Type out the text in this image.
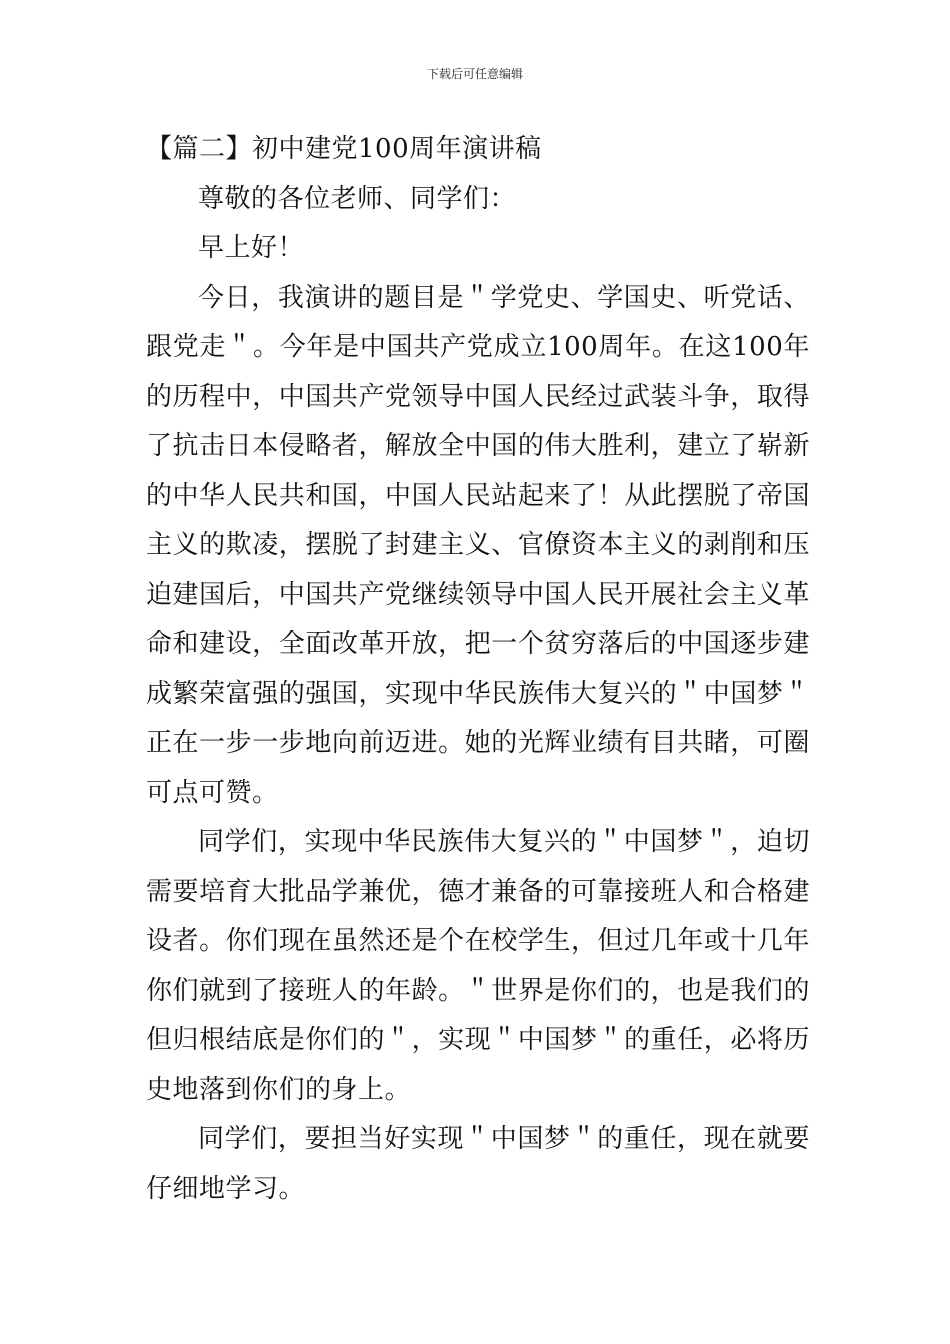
下载后可任意编辑

【篇二】初中建党100周年演讲稿

尊敬的各位老师、同学们：

早上好！

今日，我演讲的题目是＂学党史、学国史、听党话、跟党走＂。今年是中国共产党成立100周年。在这100年的历程中，中国共产党领导中国人民经过武装斗争，取得了抗击日本侵略者，解放全中国的伟大胜利，建立了崭新的中华人民共和国，中国人民站起来了！从此摆脱了帝国主义的欺凌，摆脱了封建主义、官僚资本主义的剥削和压迫建国后，中国共产党继续领导中国人民开展社会主义革命和建设，全面改革开放，把一个贫穷落后的中国逐步建成繁荣富强的强国，实现中华民族伟大复兴的＂中国梦＂正在一步一步地向前迈进。她的光辉业绩有目共睹，可圈可点可赞。

同学们，实现中华民族伟大复兴的＂中国梦＂，迫切需要培育大批品学兼优，德才兼备的可靠接班人和合格建设者。你们现在虽然还是个在校学生，但过几年或十几年你们就到了接班人的年龄。＂世界是你们的，也是我们的但归根结底是你们的＂，实现＂中国梦＂的重任，必将历史地落到你们的身上。

同学们，要担当好实现＂中国梦＂的重任，现在就要仔细地学习。
